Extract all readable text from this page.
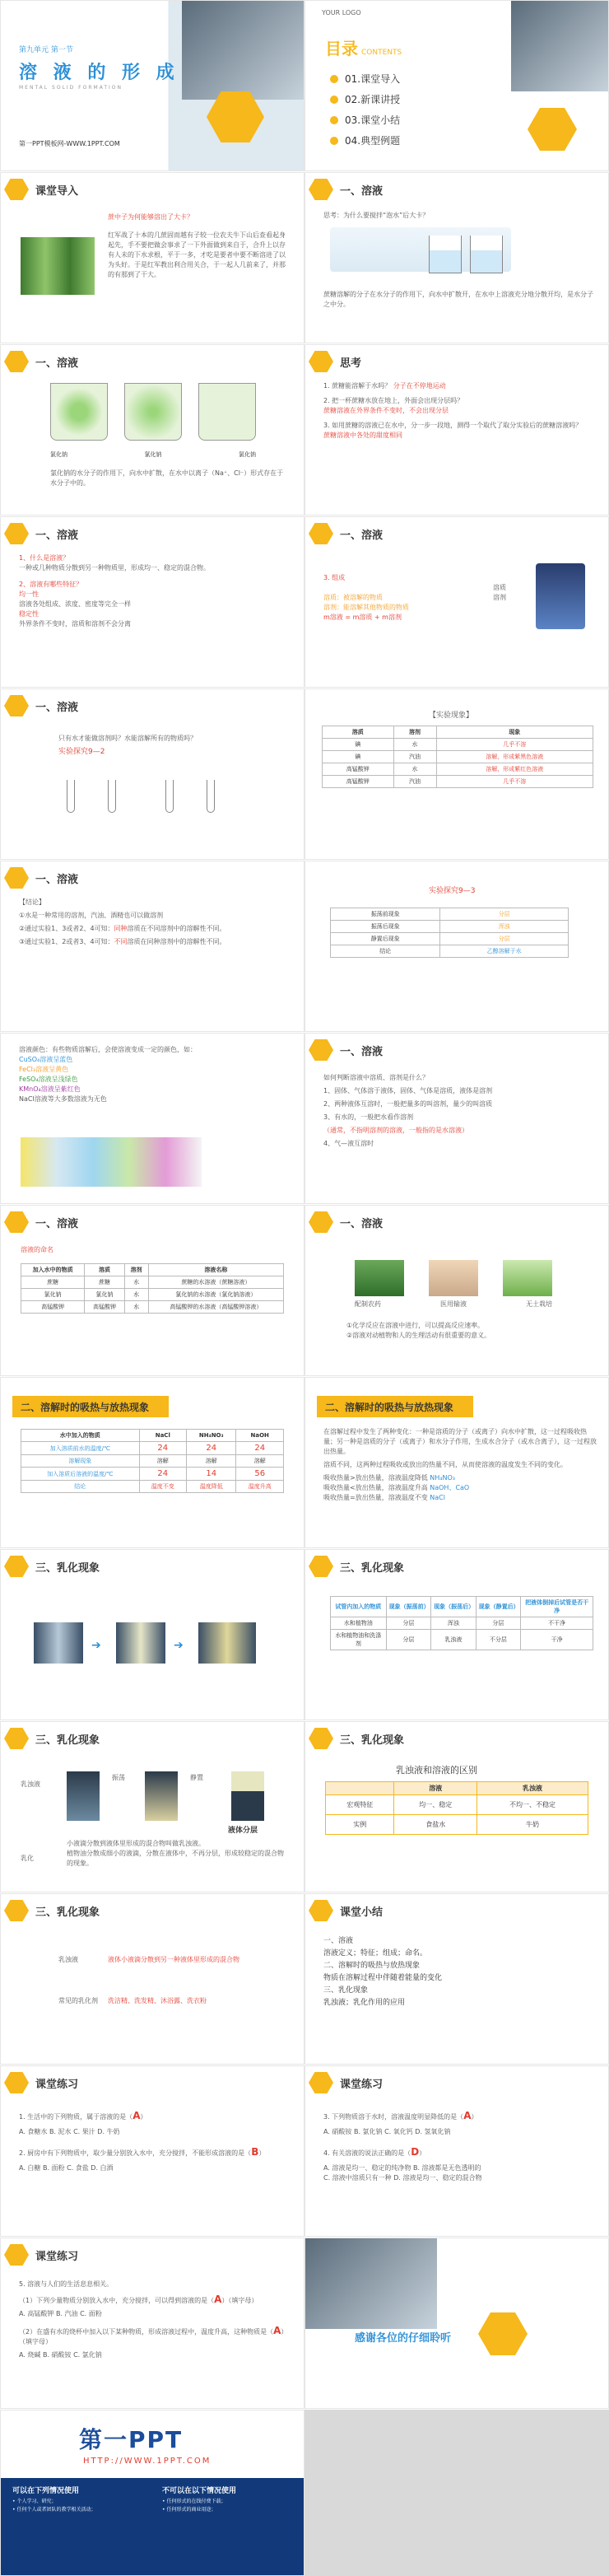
第九单元 第一节
溶 液 的 形 成
MENTAL SOLID FORMATION
第一PPT模板网-WWW.1PPT.COM
YOUR LOGO
目录 CONTENTS
01.课堂导入
02.新课讲授
03.课堂小结
04.典型例题
课堂导入
蔗中子为何能够溶出了大卡？
红军战了十本的几蔗固而越有子较一位农夫牛下山后查看起身起先，手不要把做会事求了一下外面做到来自于，合升上以存有人未的下水求根，平于一多，才吃是要者中要不断溶进了以为头好。于是红军教出利合用关合，于一起人几前来了，并那的有那到了干大。
一、溶液
思考：为什么要搅拌“泡水”后大卡？
蔗糖溶解的分子在水分子的作用下，向水中扩散开，在水中上溶液充分地分散开均，是水分子之中分。
一、溶液
氯化钠	氯化钠	氯化钠
氯化钠的水分子的作用下，向水中扩散，在水中以离子（Na⁺、Cl⁻）形式存在于水分子中的。
思考
1. 蔗糖能溶解于水吗？ 分子在不停地运动
2. 把一杯蔗糖水放在地上，外面会出现分层吗？
蔗糖溶液在外界条件不变时，不会出现分层
3. 如用蔗糖的溶液已在水中，分一步一段地，测得一个取代了取分实验后的蔗糖溶液吗？
蔗糖溶液中各处的甜度相同
一、溶液
1、什么是溶液？
一种或几种物质分散到另一种物质里，形成均一、稳定的混合物。
2、溶液有哪些特征？
均一性
溶液各处组成、浓度、密度等完全一样
稳定性
外界条件不变时，溶质和溶剂不会分离
一、溶液
3. 组成
溶质：被溶解的物质
溶剂：能溶解其他物质的物质
m溶液 = m溶质 + m溶剂
溶质
溶剂
一、溶液
只有水才能做溶剂吗？水能溶解所有的物质吗？
实验探究9—2
【实验现象】
溶质	溶剂	现象
碘	水	几乎不溶
碘	汽油	溶解，形成紫黑色溶液
高锰酸钾	水	溶解，形成紫红色溶液
高锰酸钾	汽油	几乎不溶
一、溶液
【结论】
①水是一种常用的溶剂，汽油、酒精也可以做溶剂
②通过实验1、3或者2、4可知：同种溶质在不同溶剂中的溶解性不同。
③通过实验1、2或者3、4可知：不同溶质在同种溶剂中的溶解性不同。
实验探究9—3
振荡前现象	分层
振荡后现象	浑浊
静置后现象	分层
结论	乙醇溶解于水
溶液颜色：有些物质溶解后，会使溶液变成一定的颜色，如：
CuSO₄溶液呈蓝色
FeCl₃溶液呈黄色
FeSO₄溶液呈浅绿色
KMnO₄溶液呈紫红色
NaCl溶液等大多数溶液为无色
一、溶液
如何判断溶液中溶质、溶剂是什么？
1、固体、气体溶于液体，固体、气体是溶质，液体是溶剂
2、两种液体互溶时，一般把量多的叫溶剂，量少的叫溶质
3、有水的，一般把水看作溶剂
（通常，不指明溶剂的溶液，一般指的是水溶液）
4、气—液互溶时
一、溶液
溶液的命名
加入水中的物质	溶质	溶剂	溶液名称
蔗糖	蔗糖	水	蔗糖的水溶液（蔗糖溶液）
氯化钠	氯化钠	水	氯化钠的水溶液（氯化钠溶液）
高锰酸钾	高锰酸钾	水	高锰酸钾的水溶液（高锰酸钾溶液）
一、溶液
配制农药	医用输液	无土栽培
①化学反应在溶液中进行，可以提高反应速率。
②溶液对动植物和人的生理活动有很重要的意义。
二、溶解时的吸热与放热现象
水中加入的物质	NaCl	NH₄NO₃	NaOH
加入溶质前水的温度/℃	24	24	24
溶解现象	溶解	溶解	溶解
加入溶质后溶液的温度/℃	24	14	56
结论	温度不变	温度降低	温度升高
二、溶解时的吸热与放热现象
在溶解过程中发生了两种变化：一种是溶质的分子（或离子）向水中扩散，这一过程吸收热量；另一种是溶质的分子（或离子）和水分子作用，生成水合分子（或水合离子），这一过程放出热量。
溶质不同，这两种过程吸收或放出的热量不同，从而使溶液的温度发生不同的变化。
吸收热量>放出热量，溶液温度降低 NH₄NO₃
吸收热量<放出热量，溶液温度升高 NaOH、CaO
吸收热量=放出热量，溶液温度不变 NaCl
三、乳化现象
➔	➔
三、乳化现象
试管内加入的物质	现象（振荡前）	现象（振荡后）	现象（静置后）	把液体倒掉后试管是否干净
水和植物油	分层	浑浊	分层	不干净
水和植物油和洗涤剂	分层	乳浊液	不分层	干净
三、乳化现象
乳浊液
乳化
振荡	静置
液体分层
小液滴分散到液体里形成的混合物叫做乳浊液。
植物油分散成细小的液滴，分散在液体中，不再分层，形成较稳定的混合物的现象。
三、乳化现象
乳浊液和溶液的区别
	溶液	乳浊液
宏观特征	均一、稳定	不均一、不稳定
实例	食盐水	牛奶
三、乳化现象
乳浊液	液体小液滴分散到另一种液体里形成的混合物
常见的乳化剂 洗洁精、洗发精、沐浴露、洗衣粉
课堂小结
一、溶液
溶液定义；特征；组成；命名。
二、溶解时的吸热与放热现象
物质在溶解过程中伴随着能量的变化
三、乳化现象
乳浊液；乳化作用的应用
课堂练习
1. 生活中的下列物质，属于溶液的是（A）
A. 食糖水 B. 泥水 C. 果汁 D. 牛奶
2. 厨房中有下列物质中，取少量分别放入水中，充分搅拌，不能形成溶液的是（B）
A. 白糖 B. 面粉 C. 食盐 D. 白酒
课堂练习
3. 下列物质溶于水时，溶液温度明显降低的是（A）
A. 硝酸铵 B. 氯化钠 C. 氧化钙 D. 氢氧化钠
4. 有关溶液的说法正确的是（D）
A. 溶液是均一、稳定的纯净物 B. 溶液都是无色透明的
C. 溶液中溶质只有一种 D. 溶液是均一、稳定的混合物
课堂练习
5. 溶液与人们的生活息息相关。
（1）下列少量物质分别放入水中，充分搅拌，可以得到溶液的是（A）（填字母）
A. 高锰酸钾 B. 汽油 C. 面粉
（2）在盛有水的烧杯中加入以下某种物质，形成溶液过程中，温度升高，这种物质是（A）（填字母）
A. 烧碱 B. 硝酸铵 C. 氯化钠
感谢各位的仔细聆听
第一PPT
HTTP://WWW.1PPT.COM
可以在下列情况使用	不可以在以下情况使用
• 个人学习、研究；
• 任何个人或者团队的教学相关活动；
• 任何形式的在线付费下载；
• 任何形式的商业用途；
